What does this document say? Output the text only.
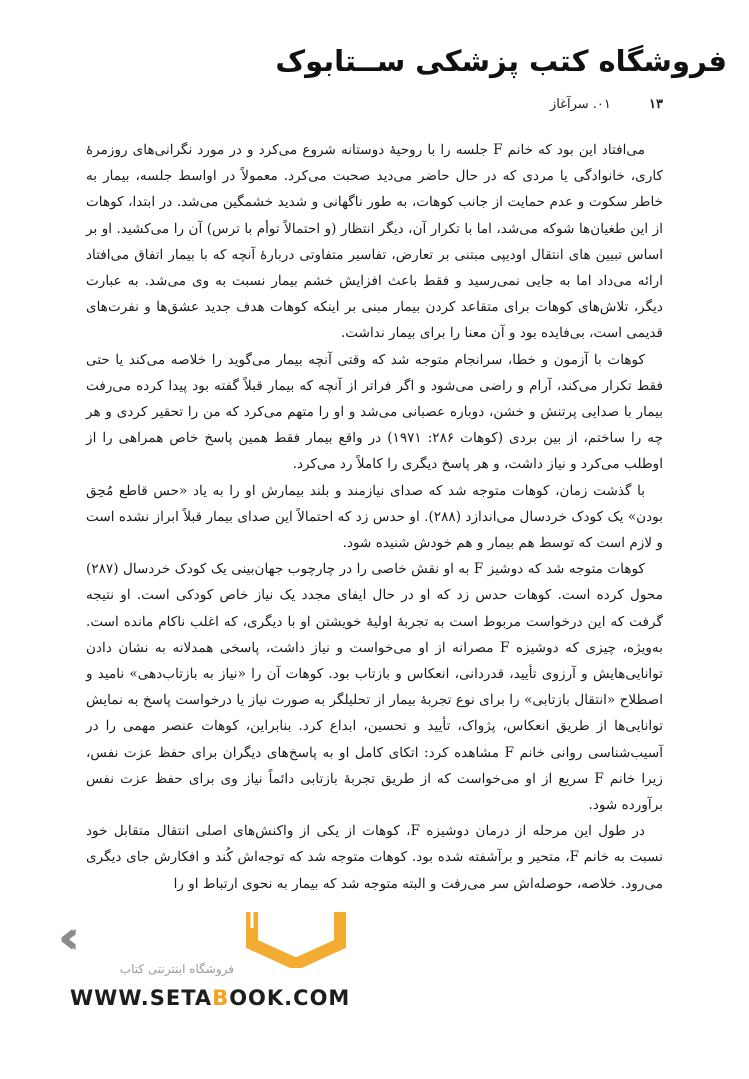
فروشگاه کتب پزشکی ســتابوک
۱۳ ۰۱. سرآغاز

می‌افتاد این بود که خانم F جلسه را با روحیهٔ دوستانه شروع می‌کرد و در مورد نگرانی‌های روزمرهٔ کاری، خانوادگی یا مردی که در حال حاضر می‌دید صحبت می‌کرد. معمولاً در اواسط جلسه، بیمار به خاطر سکوت و عدم حمایت از جانب کوهات، به طور ناگهانی و شدید خشمگین می‌شد. در ابتدا، کوهات از این طغیان‌ها شوکه می‌شد، اما با تکرار آن، دیگر انتظار (و احتمالاً توأم با ترس) آن را می‌کشید. او بر اساس تبیین های انتقال اودیپی مبتنی بر تعارض، تفاسیر متفاوتی دربارهٔ آنچه که با بیمار اتفاق می‌افتاد ارائه می‌داد اما به جایی نمی‌رسید و فقط باعث افزایش خشم بیمار نسبت به وی می‌شد. به عبارت دیگر، تلاش‌های کوهات برای متقاعد کردن بیمار مبنی بر اینکه کوهات هدف جدید عشق‌ها و نفرت‌های قدیمی است، بی‌فایده بود و آن معنا را برای بیمار نداشت.

کوهات با آزمون و خطا، سرانجام متوجه شد که وقتی آنچه بیمار می‌گوید را خلاصه می‌کند یا حتی فقط تکرار می‌کند، آرام و راضی می‌شود و اگر فراتر از آنچه که بیمار قبلاً گفته بود پیدا کرده می‌رفت بیمار با صدایی پرتنش و خشن، دوباره عصبانی می‌شد و او را متهم می‌کرد که من را تحقیر کردی و هر چه را ساختم، از بین بردی (کوهات ۲۸۶: ۱۹۷۱) در واقع بیمار فقط همین پاسخ خاص همراهی را از اوطلب می‌کرد و نیاز داشت، و هر پاسخ دیگری را کاملاً رد می‌کرد.

با گذشت زمان، کوهات متوجه شد که صدای نیازمند و بلند بیمارش او را به یاد «حس قاطع مُحِق بودن» یک کودک خردسال می‌اندازد (۲۸۸). او حدس زد که احتمالاً این صدای بیمار قبلاً ابراز نشده است و لازم است که توسط هم بیمار و هم خودش شنیده شود.

کوهات متوجه شد که دوشیز F به او نقش خاصی را در چارچوب جهان‌بینی یک کودک خردسال (۲۸۷) محول کرده است. کوهات حدس زد که او در حال ایفای مجدد یک نیاز خاص کودکی است. او نتیجه گرفت که این درخواست مربوط است به تجربهٔ اولیهٔ خویشتن او با دیگری، که اغلب ناکام مانده است. به‌ویژه، چیزی که دوشیزه F مصرانه از او می‌خواست و نیاز داشت، پاسخی همدلانه به نشان دادن توانایی‌هایش و آرزوی تأیید، قدردانی، انعکاس و بازتاب بود. کوهات آن را «نیاز به بازتاب‌دهی» نامید و اصطلاح «انتقال بازتابی» را برای نوع تجربهٔ بیمار از تحلیلگر به صورت نیاز یا درخواست پاسخ به نمایش توانایی‌ها از طریق انعکاس، پژواک، تأیید و تحسین، ابداع کرد. بنابراین، کوهات عنصر مهمی را در آسیب‌شناسی روانی خانم F مشاهده کرد: اتکای کامل او به پاسخ‌های دیگران برای حفظ عزت نفس، زیرا خانم F سریع از او می‌خواست که از طریق تجربهٔ بازتابی دائماً نیاز وی برای حفظ عزت نفس برآورده شود.

در طول این مرحله از درمان دوشیزه F، کوهات از یکی از واکنش‌های اصلی انتقال متقابل خود نسبت به خانم F، متحیر و برآشفته شده بود. کوهات متوجه شد که توجه‌اش کُند و افکارش جای دیگری می‌رود. خلاصه، حوصله‌اش سر می‌رفت و البته متوجه شد که بیمار به نحوی ارتباط او را

‹‹
فروشگاه اینترنتی کتاب
WWW.SETABOOK.COM
